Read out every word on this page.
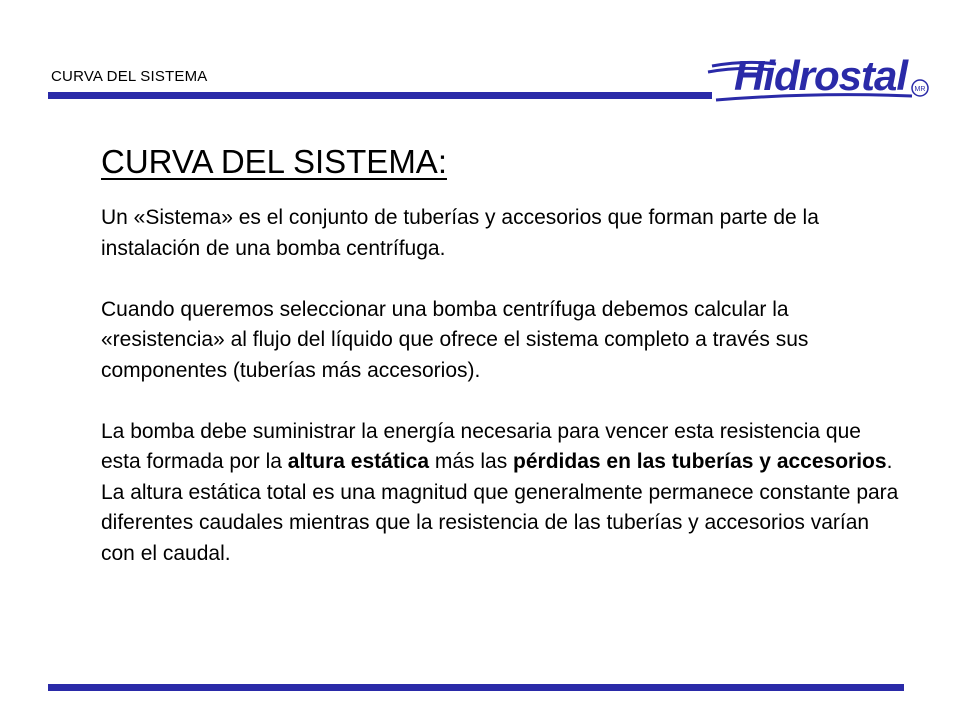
CURVA DEL SISTEMA	Hidrostal	MR
CURVA DEL SISTEMA:

Un «Sistema» es el conjunto de tuberías y accesorios que forman parte de la instalación de una bomba centrífuga.

Cuando queremos seleccionar una bomba centrífuga debemos calcular la «resistencia» al flujo del líquido que ofrece el sistema completo a través sus componentes (tuberías más accesorios).

La bomba debe suministrar la energía necesaria para vencer esta resistencia que esta formada por la altura estática más las pérdidas en las tuberías y accesorios. La altura estática total es una magnitud que generalmente permanece constante para diferentes caudales mientras que la resistencia de las tuberías y accesorios varían con el caudal.
